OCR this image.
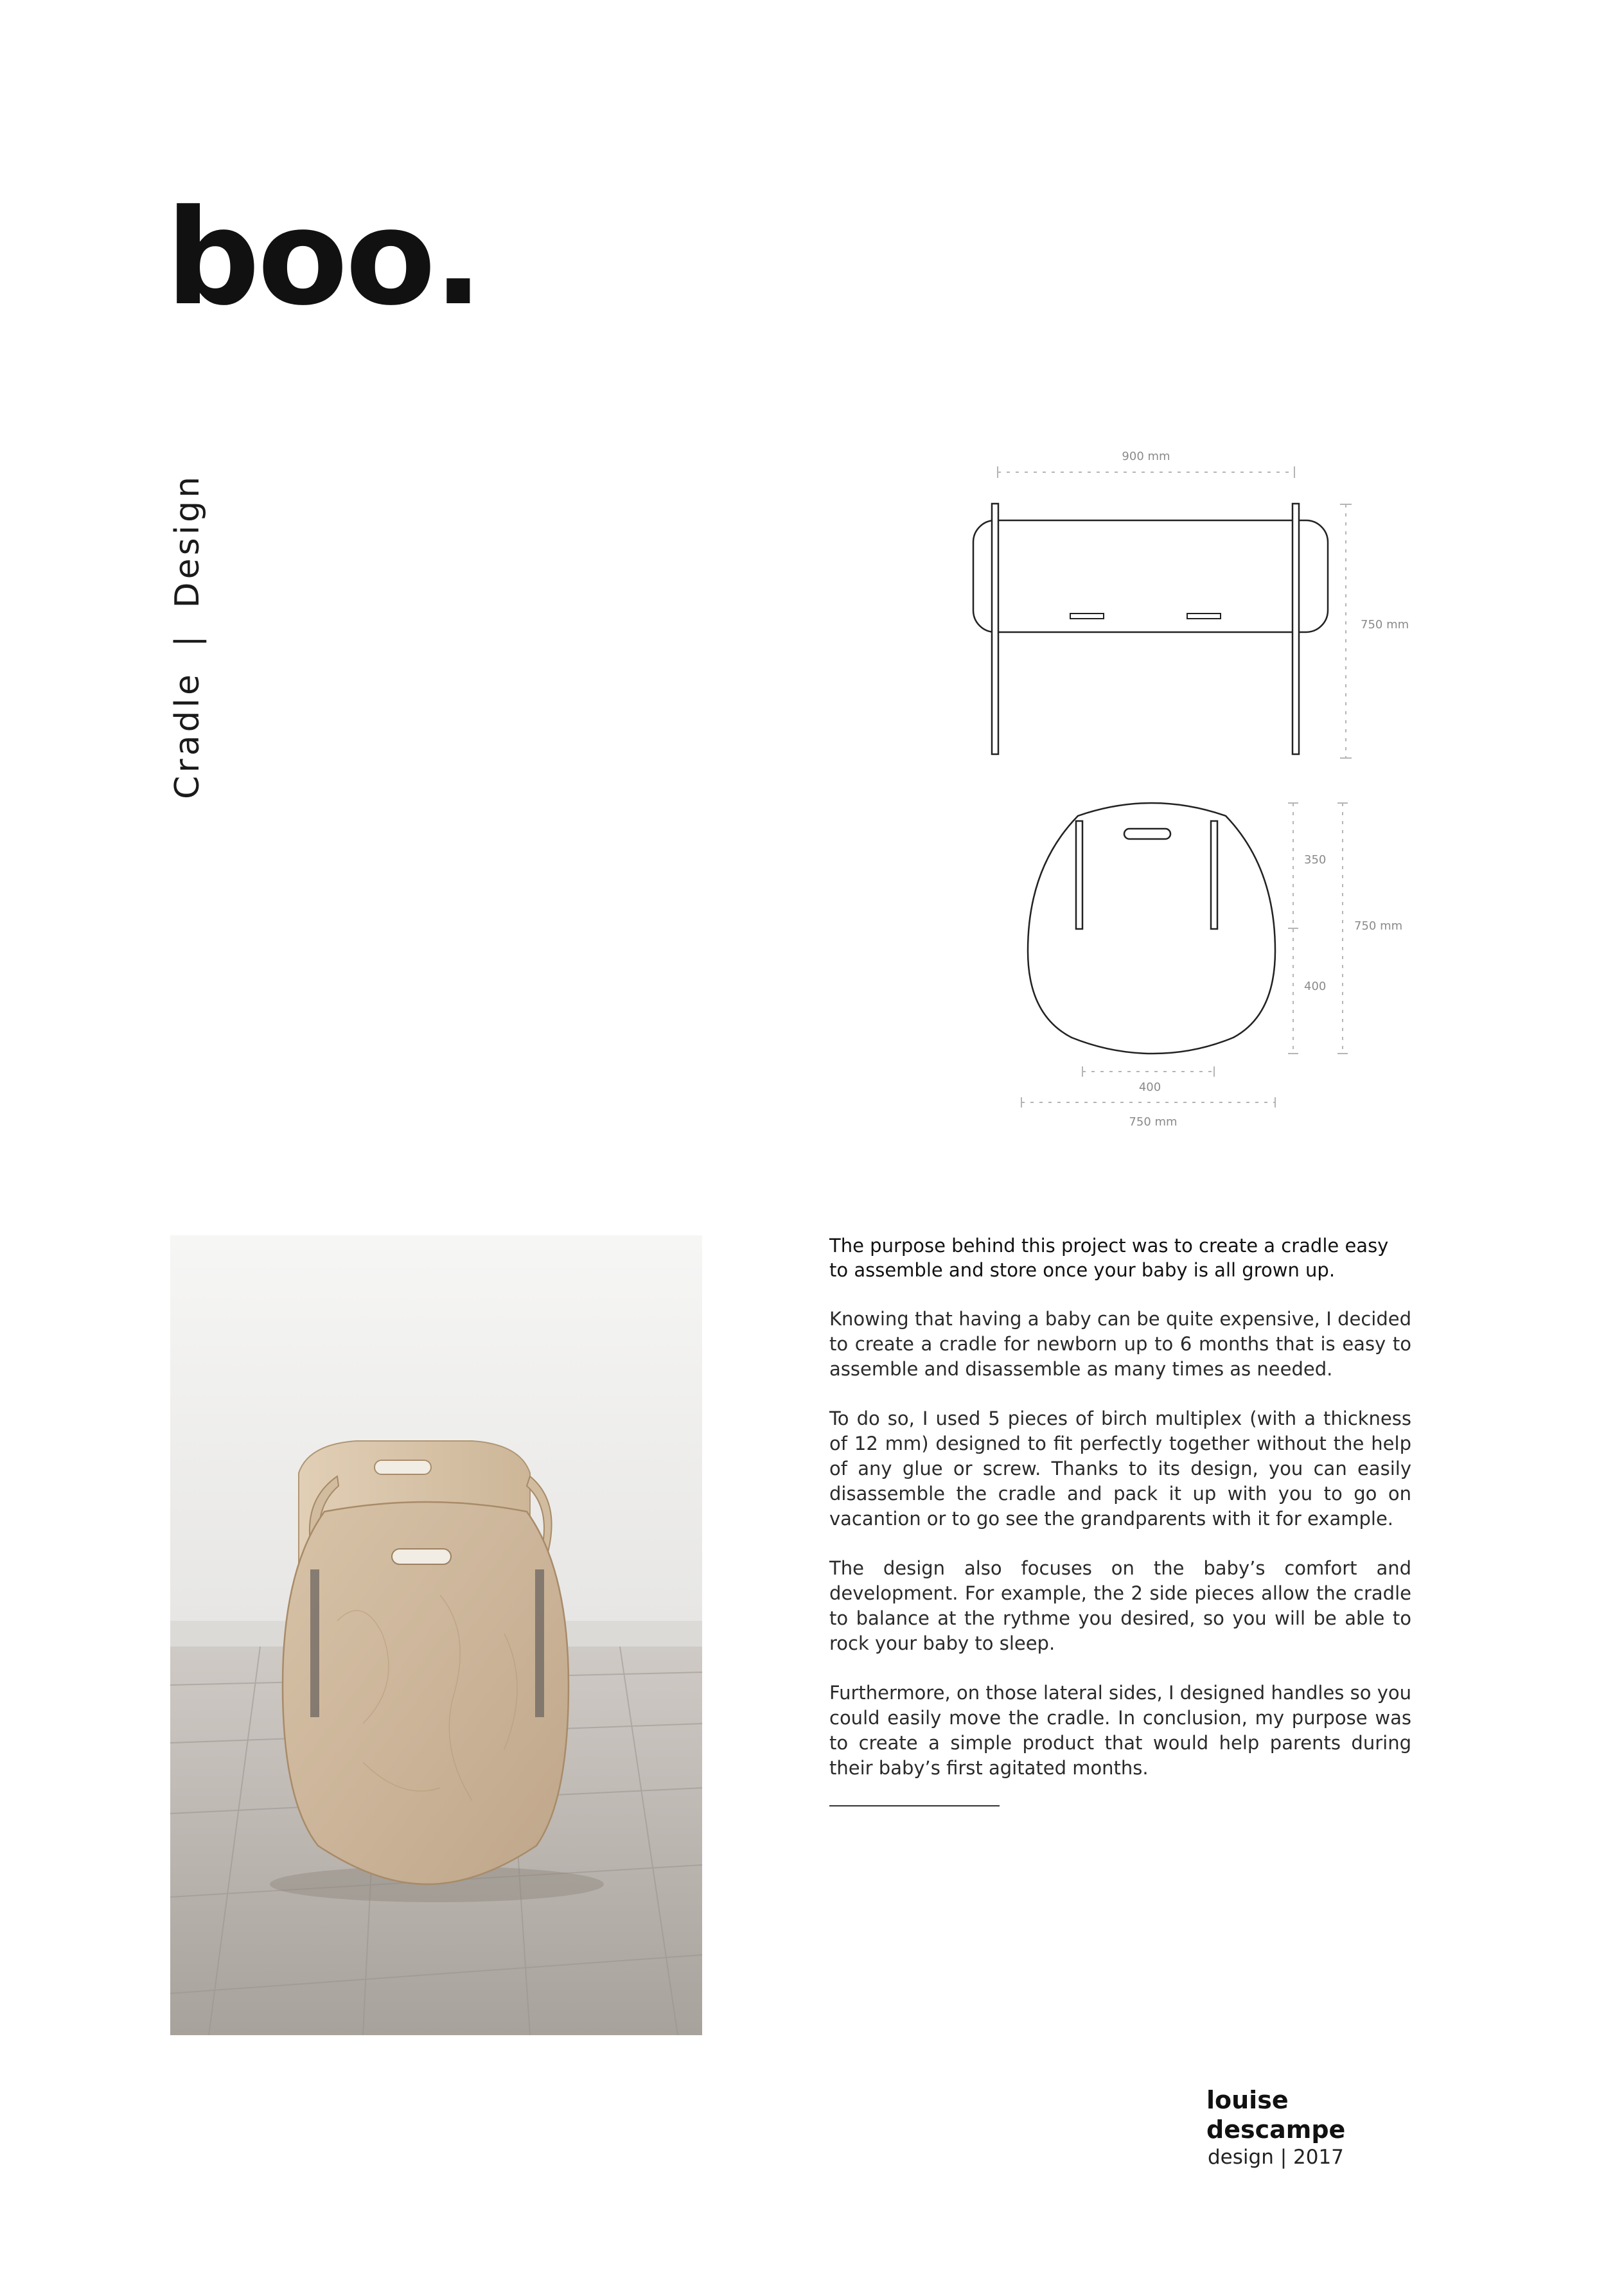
boo.
Cradle|Design
900 mm
750 mm
350
400
750 mm
400
750 mm

The purpose behind this project was to create a cradle easy to assemble and store once your baby is all grown up.

Knowing that having a baby can be quite expensive, I decided to create a cradle for newborn up to 6 months that is easy to assemble and disassemble as many times as needed.

To do so, I used 5 pieces of birch multiplex (with a thickness of 12 mm) designed to fit perfectly together without the help of any glue or screw. Thanks to its design, you can easily disassemble the cradle and pack it up with you to go on vacantion or to go see the grandparents with it for example.

The design also focuses on the baby’s comfort and development. For example, the 2 side pieces allow the cradle to balance at the rythme you desired, so you will be able to rock your baby to sleep.

Furthermore, on those lateral sides, I designed handles so you could easily move the cradle. In conclusion, my purpose was to create a simple product that would help parents during their baby’s first agitated months.

louise descampe

design | 2017
